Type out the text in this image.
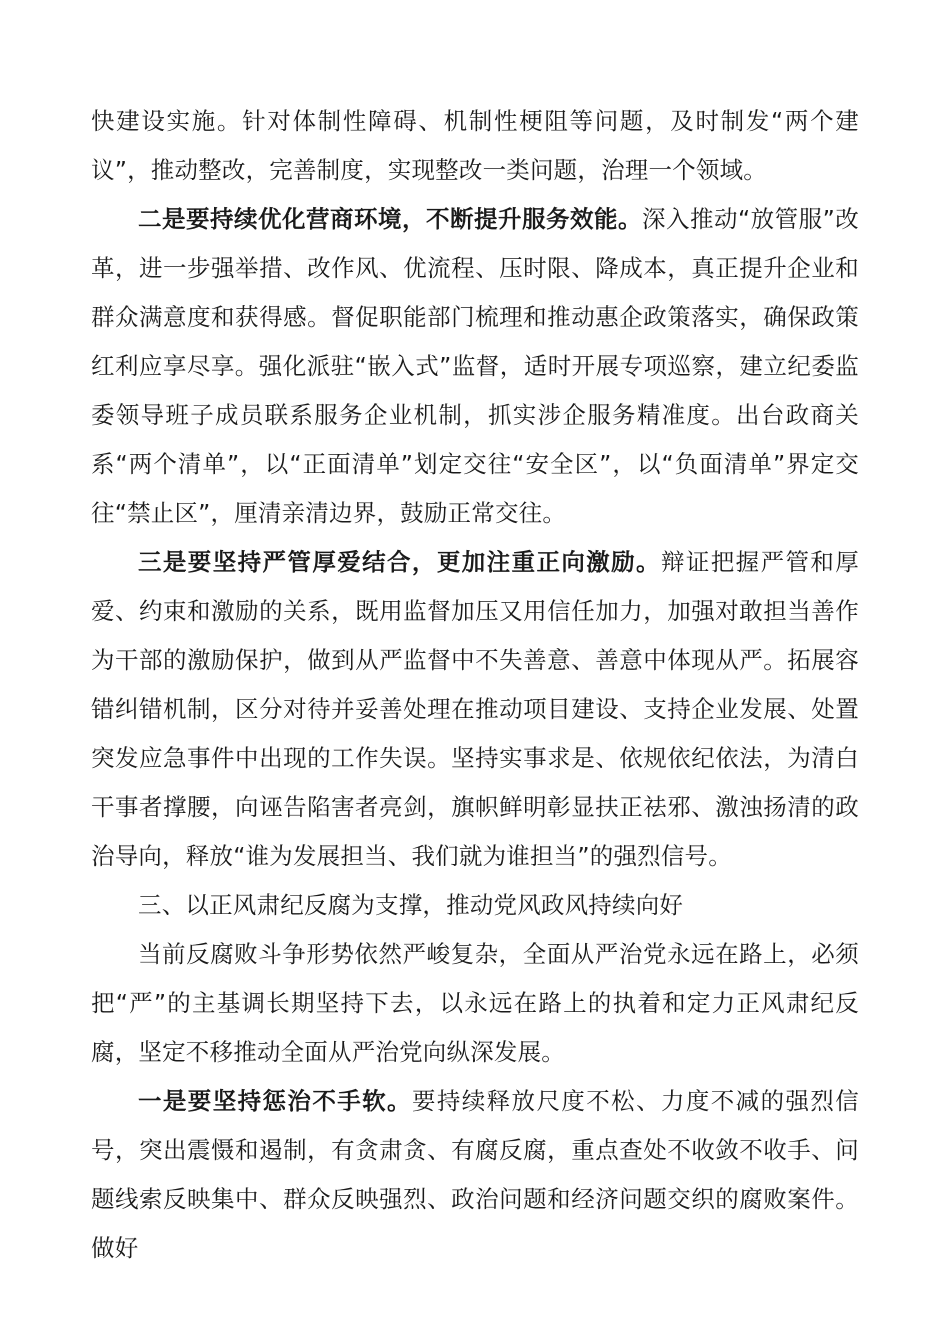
快建设实施。针对体制性障碍、机制性梗阻等问题，及时制发“两个建议”，推动整改，完善制度，实现整改一类问题，治理一个领域。

二是要持续优化营商环境，不断提升服务效能。深入推动“放管服”改革，进一步强举措、改作风、优流程、压时限、降成本，真正提升企业和群众满意度和获得感。督促职能部门梳理和推动惠企政策落实，确保政策红利应享尽享。强化派驻“嵌入式”监督，适时开展专项巡察，建立纪委监委领导班子成员联系服务企业机制，抓实涉企服务精准度。出台政商关系“两个清单”，以“正面清单”划定交往“安全区”，以“负面清单”界定交往“禁止区”，厘清亲清边界，鼓励正常交往。

三是要坚持严管厚爱结合，更加注重正向激励。辩证把握严管和厚爱、约束和激励的关系，既用监督加压又用信任加力，加强对敢担当善作为干部的激励保护，做到从严监督中不失善意、善意中体现从严。拓展容错纠错机制，区分对待并妥善处理在推动项目建设、支持企业发展、处置突发应急事件中出现的工作失误。坚持实事求是、依规依纪依法，为清白干事者撑腰，向诬告陷害者亮剑，旗帜鲜明彰显扶正祛邪、激浊扬清的政治导向，释放“谁为发展担当、我们就为谁担当”的强烈信号。

三、以正风肃纪反腐为支撑，推动党风政风持续向好

当前反腐败斗争形势依然严峻复杂，全面从严治党永远在路上，必须把“严”的主基调长期坚持下去，以永远在路上的执着和定力正风肃纪反腐，坚定不移推动全面从严治党向纵深发展。

一是要坚持惩治不手软。要持续释放尺度不松、力度不减的强烈信号，突出震慑和遏制，有贪肃贪、有腐反腐，重点查处不收敛不收手、问题线索反映集中、群众反映强烈、政治问题和经济问题交织的腐败案件。做好
